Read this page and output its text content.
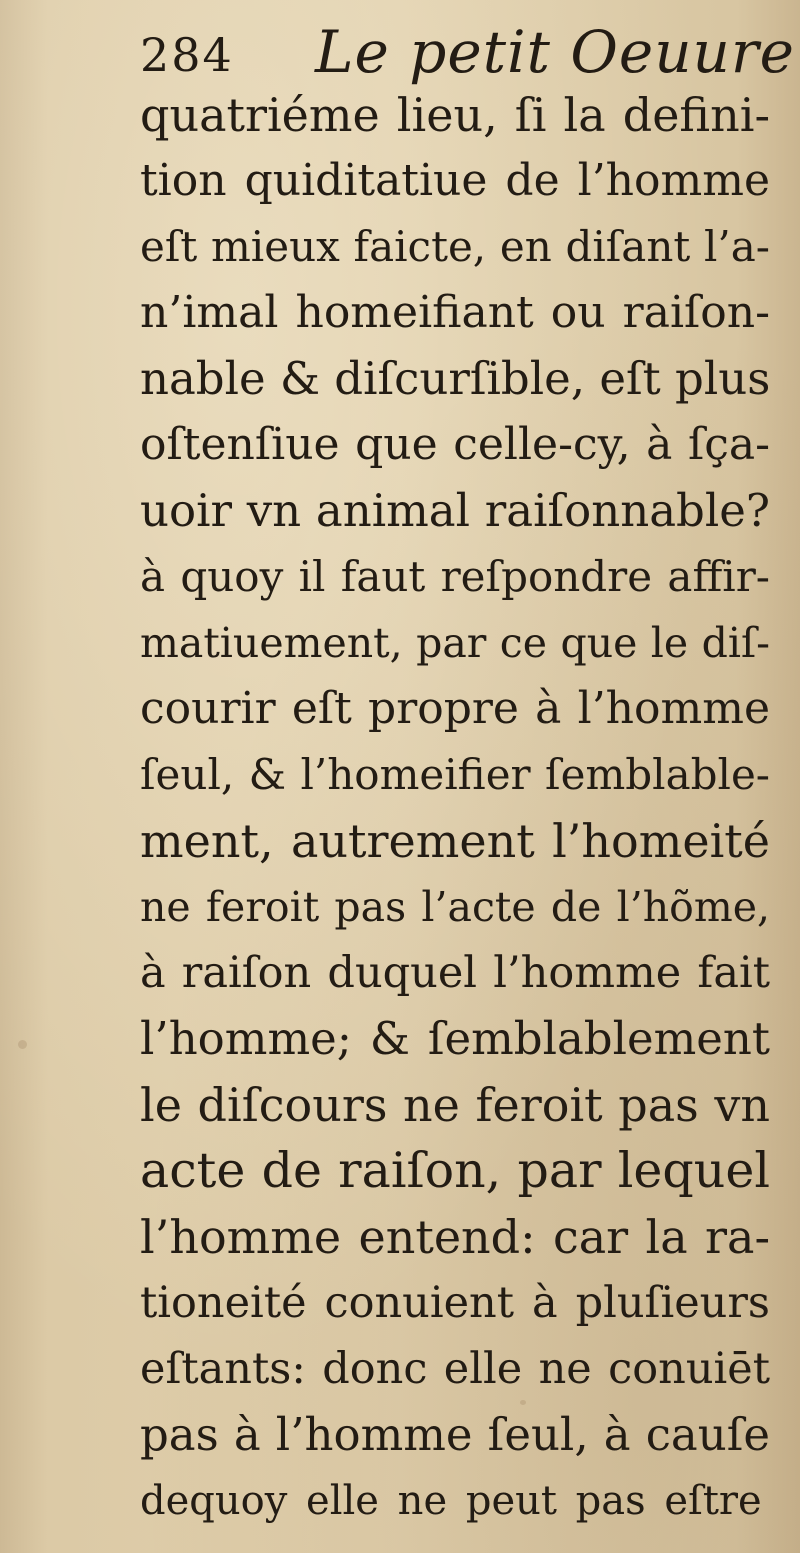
284 Le petit Oeuure
quatriéme lieu, ſi la defini-
tion quiditatiue de l’homme
eſt mieux faicte, en diſant l’a-
n’imal homeifiant ou raiſon-
nable & diſcurſible, eſt plus
oſtenſiue que celle-cy, à ſça-
uoir vn animal raiſonnable?
à quoy il faut reſpondre affir-
matiuement, par ce que le diſ-
courir eſt propre à l’homme
ſeul, & l’homeifier ſemblable-
ment, autrement l’homeité
ne feroit pas l’acte de l’hõme,
à raiſon duquel l’homme fait
l’homme; & ſemblablement
le diſcours ne feroit pas vn
acte de raiſon, par lequel
l’homme entend: car la ra-
tioneité conuient à pluſieurs
eſtants: donc elle ne conuiēt
pas à l’homme ſeul, à cauſe
dequoy elle ne peut pas eſtre
